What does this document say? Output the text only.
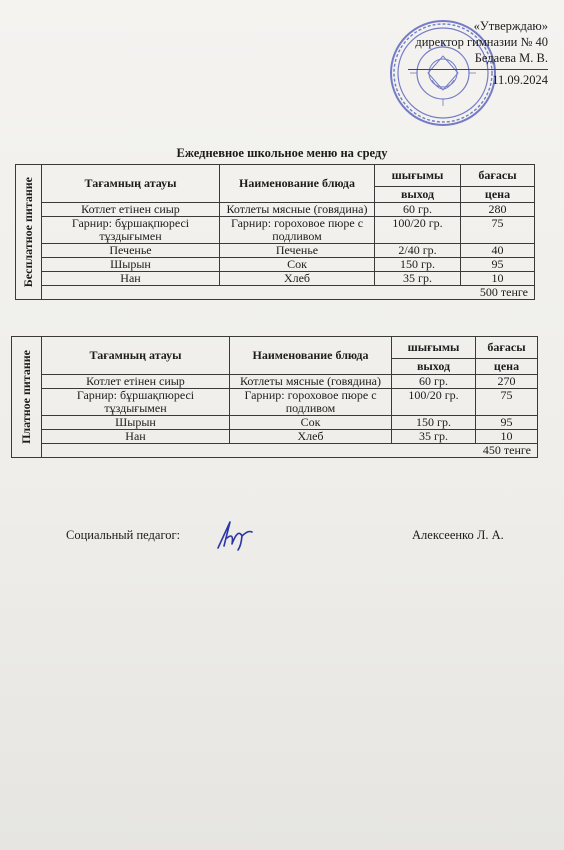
«Утверждаю»
директор гимназии № 40
Бедаева М. В.
11.09.2024
Ежедневное школьное меню на среду
Бесплатное питание	Тағамның атауы	Наименование блюда	шығымы	бағасы
			выход	цена
	Котлет етінен сиыр	Котлеты мясные (говядина)	60 гр.	280
	Гарнир: бұршақпюресі тұздығымен	Гарнир: гороховое пюре с подливом	100/20 гр.	75
	Печенье	Печенье	2/40 гр.	40
	Шырын	Сок	150 гр.	95
	Нан	Хлеб	35 гр.	10
	500 тенге			
Платное питание	Тағамның атауы	Наименование блюда	шығымы	бағасы
			выход	цена
	Котлет етінен сиыр	Котлеты мясные (говядина)	60 гр.	270
	Гарнир: бұршақпюресі тұздығымен	Гарнир: гороховое пюре с подливом	100/20 гр.	75
	Шырын	Сок	150 гр.	95
	Нан	Хлеб	35 гр.	10
	450 тенге			
Социальный педагог:	Алексеенко Л. А.
